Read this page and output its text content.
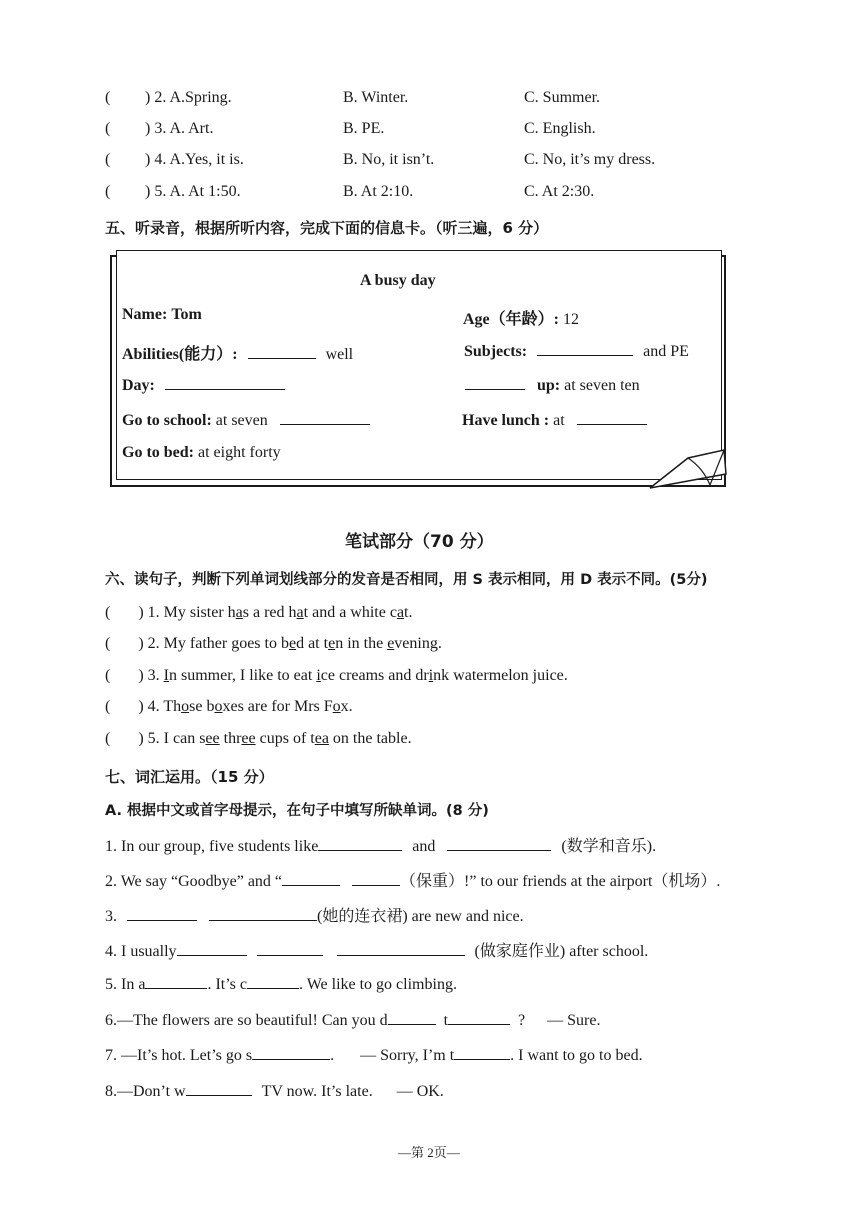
( ) 2. A.Spring.	B. Winter.	C. Summer.
( ) 3. A. Art.	B. PE.	C. English.
( ) 4. A.Yes, it is.	B. No, it isn’t.	C. No, it’s my dress.
( ) 5. A. At 1:50.	B. At 2:10.	C. At 2:30.
五、听录音，根据所听内容，完成下面的信息卡。（听三遍，6 分）
A busy day
Name: Tom	Age（年龄）: 12
Abilities(能力）:	well	Subjects:	and PE
Day:	up: at seven ten
Go to school: at seven	Have lunch : at
Go to bed: at eight forty
笔试部分（70 分）
六、读句子，判断下列单词划线部分的发音是否相同，用 S 表示相同，用 D 表示不同。(5分)
( ) 1. My sister has a red hat and a white cat.
( ) 2. My father goes to bed at ten in the evening.
( ) 3. In summer, I like to eat ice creams and drink watermelon juice.
( ) 4. Those boxes are for Mrs Fox.
( ) 5. I can see three cups of tea on the table.
七、词汇运用。（15 分）
A. 根据中文或首字母提示，在句子中填写所缺单词。(8 分)
1. In our group, five students like	and	(数学和音乐).
2. We say “Goodbye” and “	（保重）!” to our friends at the airport（机场）.
3.	(她的连衣裙) are new and nice.
4. I usually	(做家庭作业) after school.
5. In a	. It’s c	. We like to go climbing.
6.—The flowers are so beautiful! Can you d	t	? — Sure.
7. —It’s hot. Let’s go s	. — Sorry, I’m t	. I want to go to bed.
8.—Don’t w	TV now. It’s late. — OK.
—第 2页—
